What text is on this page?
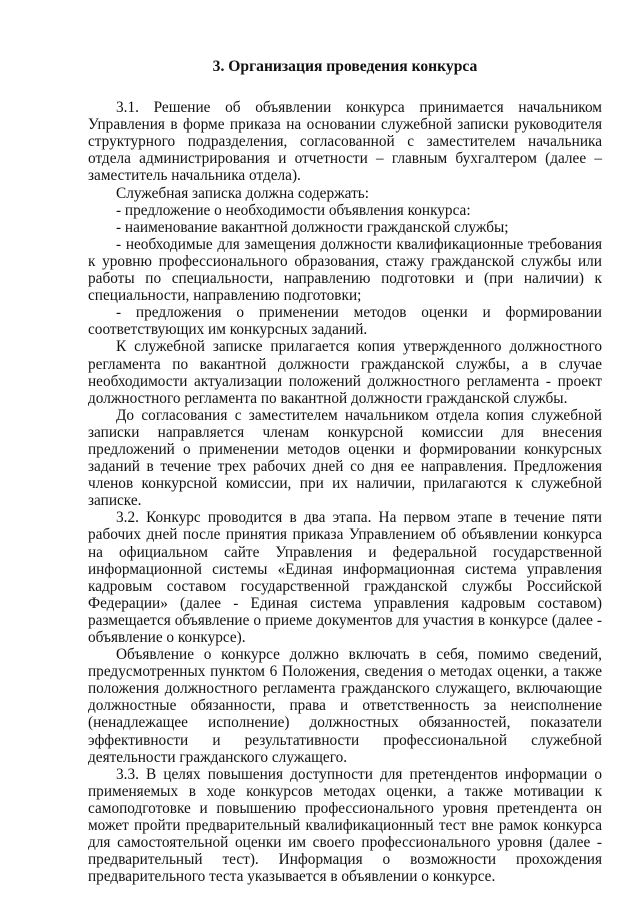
3. Организация проведения конкурса

3.1. Решение об объявлении конкурса принимается начальником Управления в форме приказа на основании служебной записки руководителя структурного подразделения, согласованной с заместителем начальника отдела администрирования и отчетности – главным бухгалтером (далее – заместитель начальника отдела).

Служебная записка должна содержать:

- предложение о необходимости объявления конкурса:

- наименование вакантной должности гражданской службы;

- необходимые для замещения должности квалификационные требования к уровню профессионального образования, стажу гражданской службы или работы по специальности, направлению подготовки и (при наличии) к специальности, направлению подготовки;

- предложения о применении методов оценки и формировании соответствующих им конкурсных заданий.

К служебной записке прилагается копия утвержденного должностного регламента по вакантной должности гражданской службы, а в случае необходимости актуализации положений должностного регламента - проект должностного регламента по вакантной должности гражданской службы.

До согласования с заместителем начальником отдела копия служебной записки направляется членам конкурсной комиссии для внесения предложений о применении методов оценки и формировании конкурсных заданий в течение трех рабочих дней со дня ее направления. Предложения членов конкурсной комиссии, при их наличии, прилагаются к служебной записке.

3.2. Конкурс проводится в два этапа. На первом этапе в течение пяти рабочих дней после принятия приказа Управлением об объявлении конкурса на официальном сайте Управления и федеральной государственной информационной системы «Единая информационная система управления кадровым составом государственной гражданской службы Российской Федерации» (далее - Единая система управления кадровым составом) размещается объявление о приеме документов для участия в конкурсе (далее - объявление о конкурсе).

Объявление о конкурсе должно включать в себя, помимо сведений, предусмотренных пунктом 6 Положения, сведения о методах оценки, а также положения должностного регламента гражданского служащего, включающие должностные обязанности, права и ответственность за неисполнение (ненадлежащее исполнение) должностных обязанностей, показатели эффективности и результативности профессиональной служебной деятельности гражданского служащего.

3.3. В целях повышения доступности для претендентов информации о применяемых в ходе конкурсов методах оценки, а также мотивации к самоподготовке и повышению профессионального уровня претендента он может пройти предварительный квалификационный тест вне рамок конкурса для самостоятельной оценки им своего профессионального уровня (далее - предварительный тест). Информация о возможности прохождения предварительного теста указывается в объявлении о конкурсе.
